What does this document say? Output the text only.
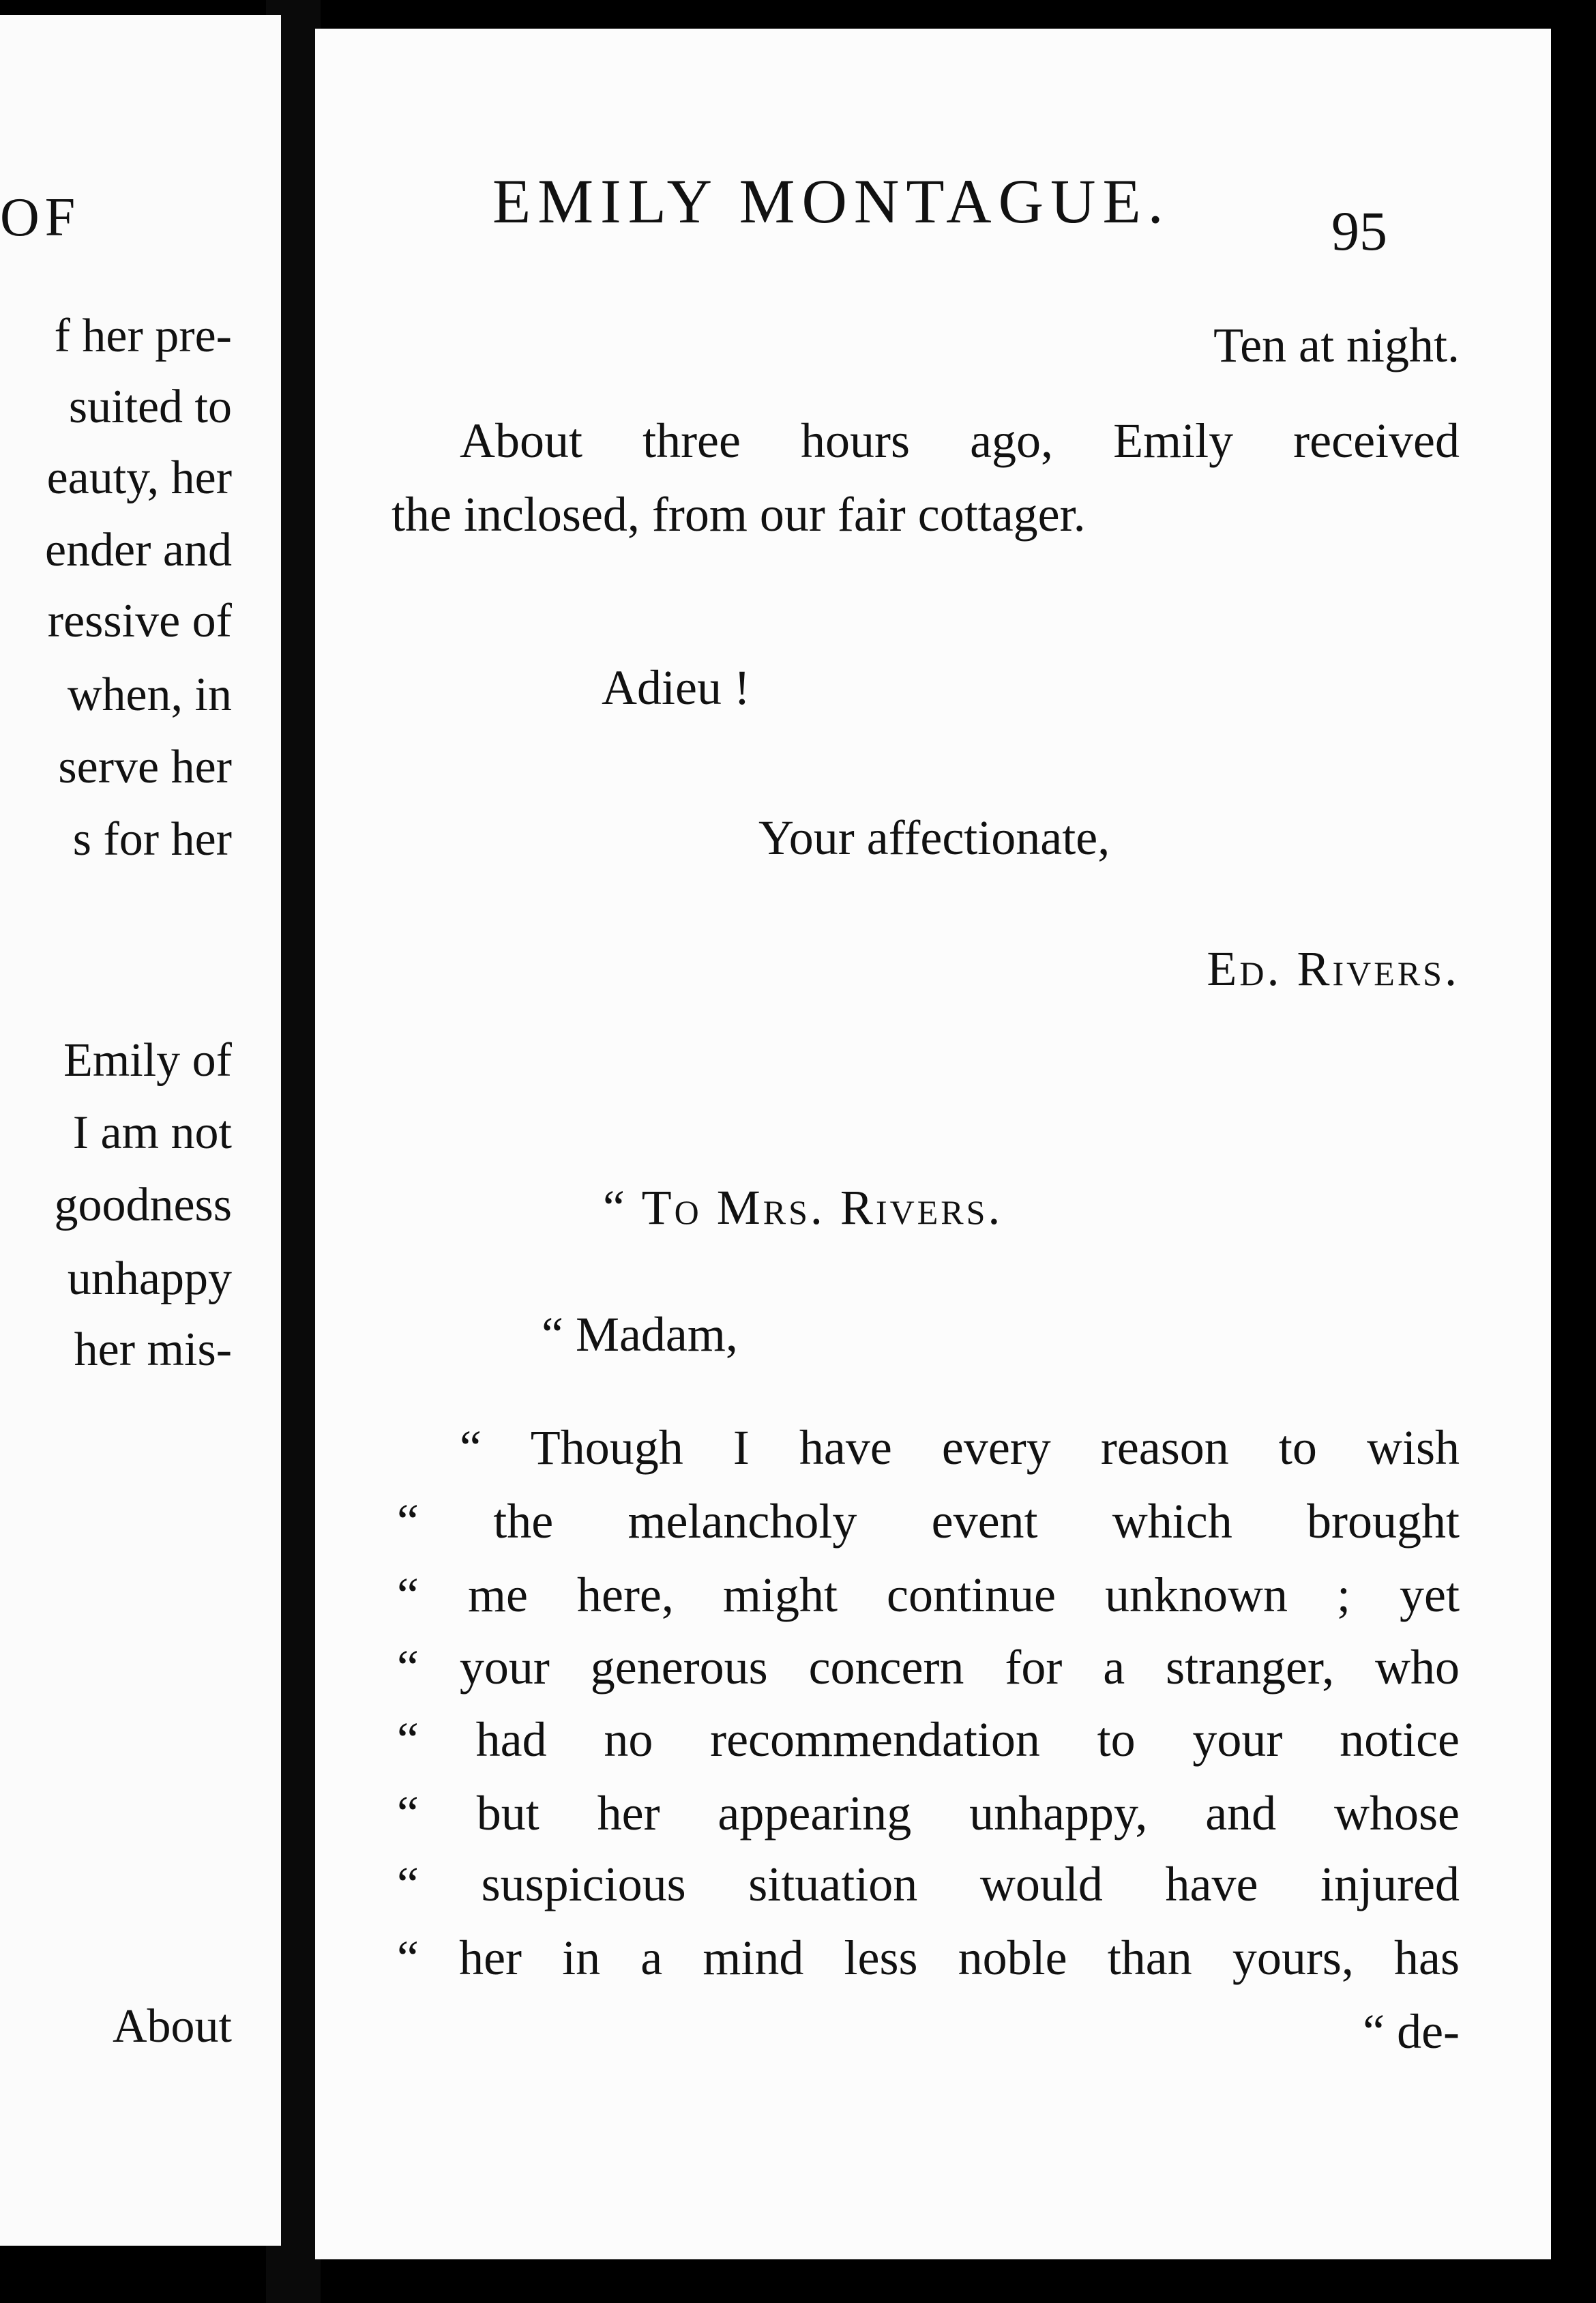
OF
f her pre-
suited to
eauty, her
ender and
ressive of
when, in
serve her
s for her
Emily of
I am not
goodness
unhappy
her mis-
About
EMILY MONTAGUE.	95
Ten at night.
About three hours ago, Emily received
the inclosed, from our fair cottager.
Adieu !
Your affectionate,
Ed. Rivers.
“ To Mrs. Rivers.
“ Madam,
“ Though I have every reason to wish
“ the melancholy event which brought
“ me here, might continue unknown ; yet
“ your generous concern for a stranger, who
“ had no recommendation to your notice
“ but her appearing unhappy, and whose
“ suspicious situation would have injured
“ her in a mind less noble than yours, has
“ de-
